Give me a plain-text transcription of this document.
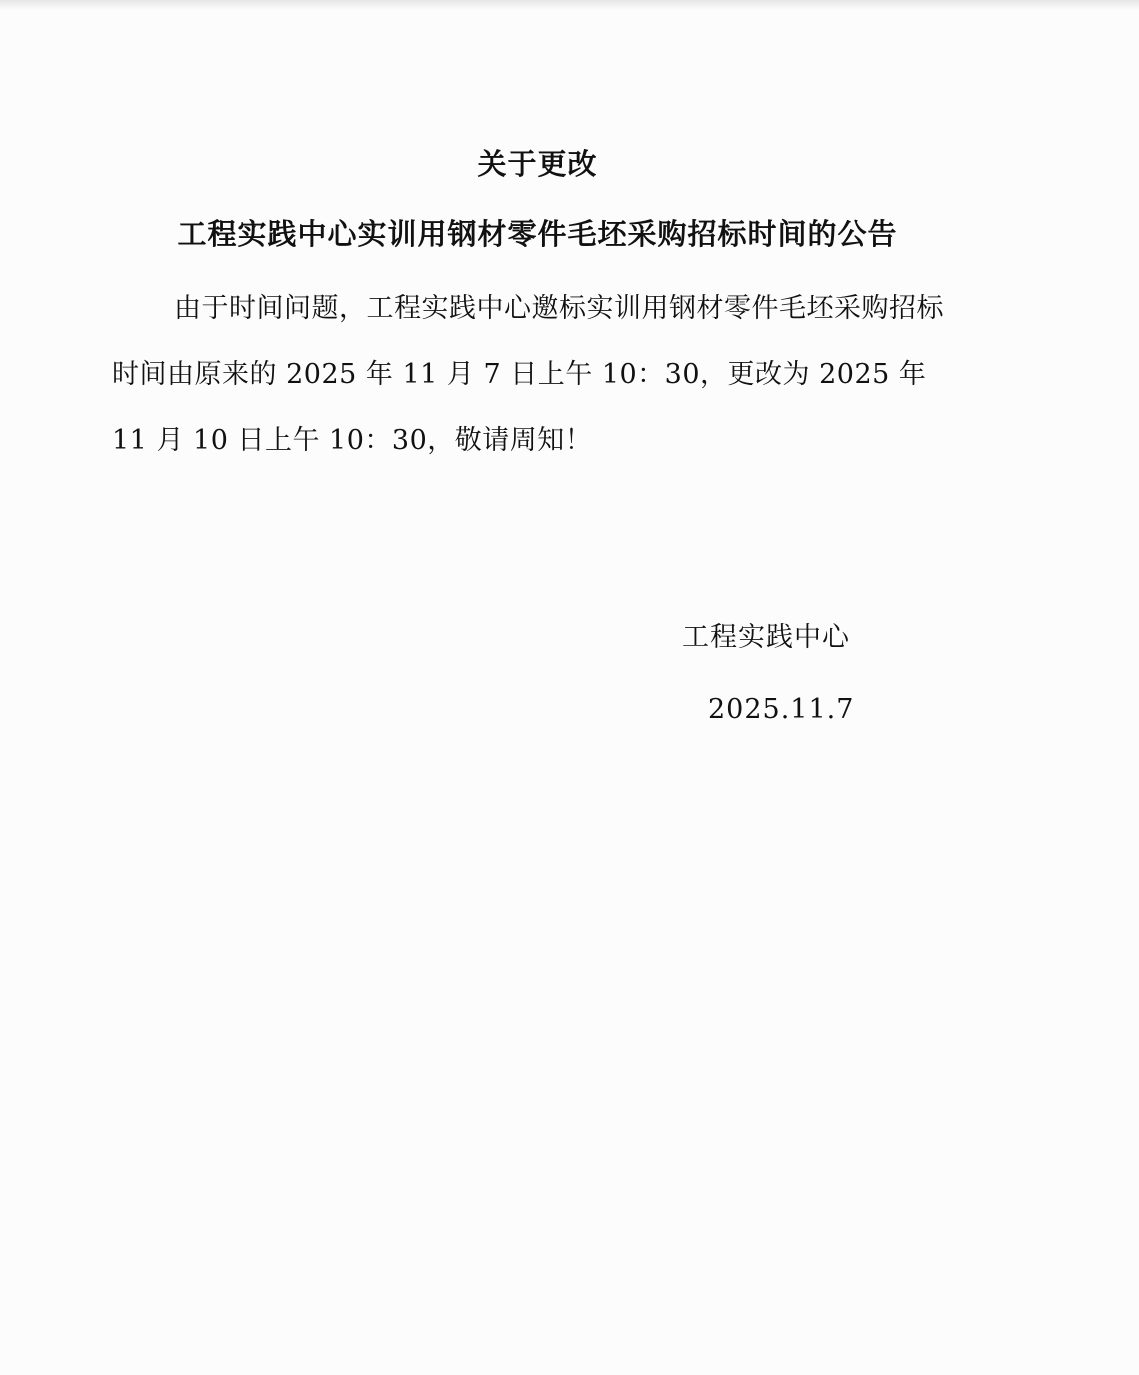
关于更改
工程实践中心实训用钢材零件毛坯采购招标时间的公告

由于时间问题，工程实践中心邀标实训用钢材零件毛坯采购招标时间由原来的 2025 年 11 月 7 日上午 10：30，更改为 2025 年 11 月 10 日上午 10：30，敬请周知！

工程实践中心
2025.11.7
